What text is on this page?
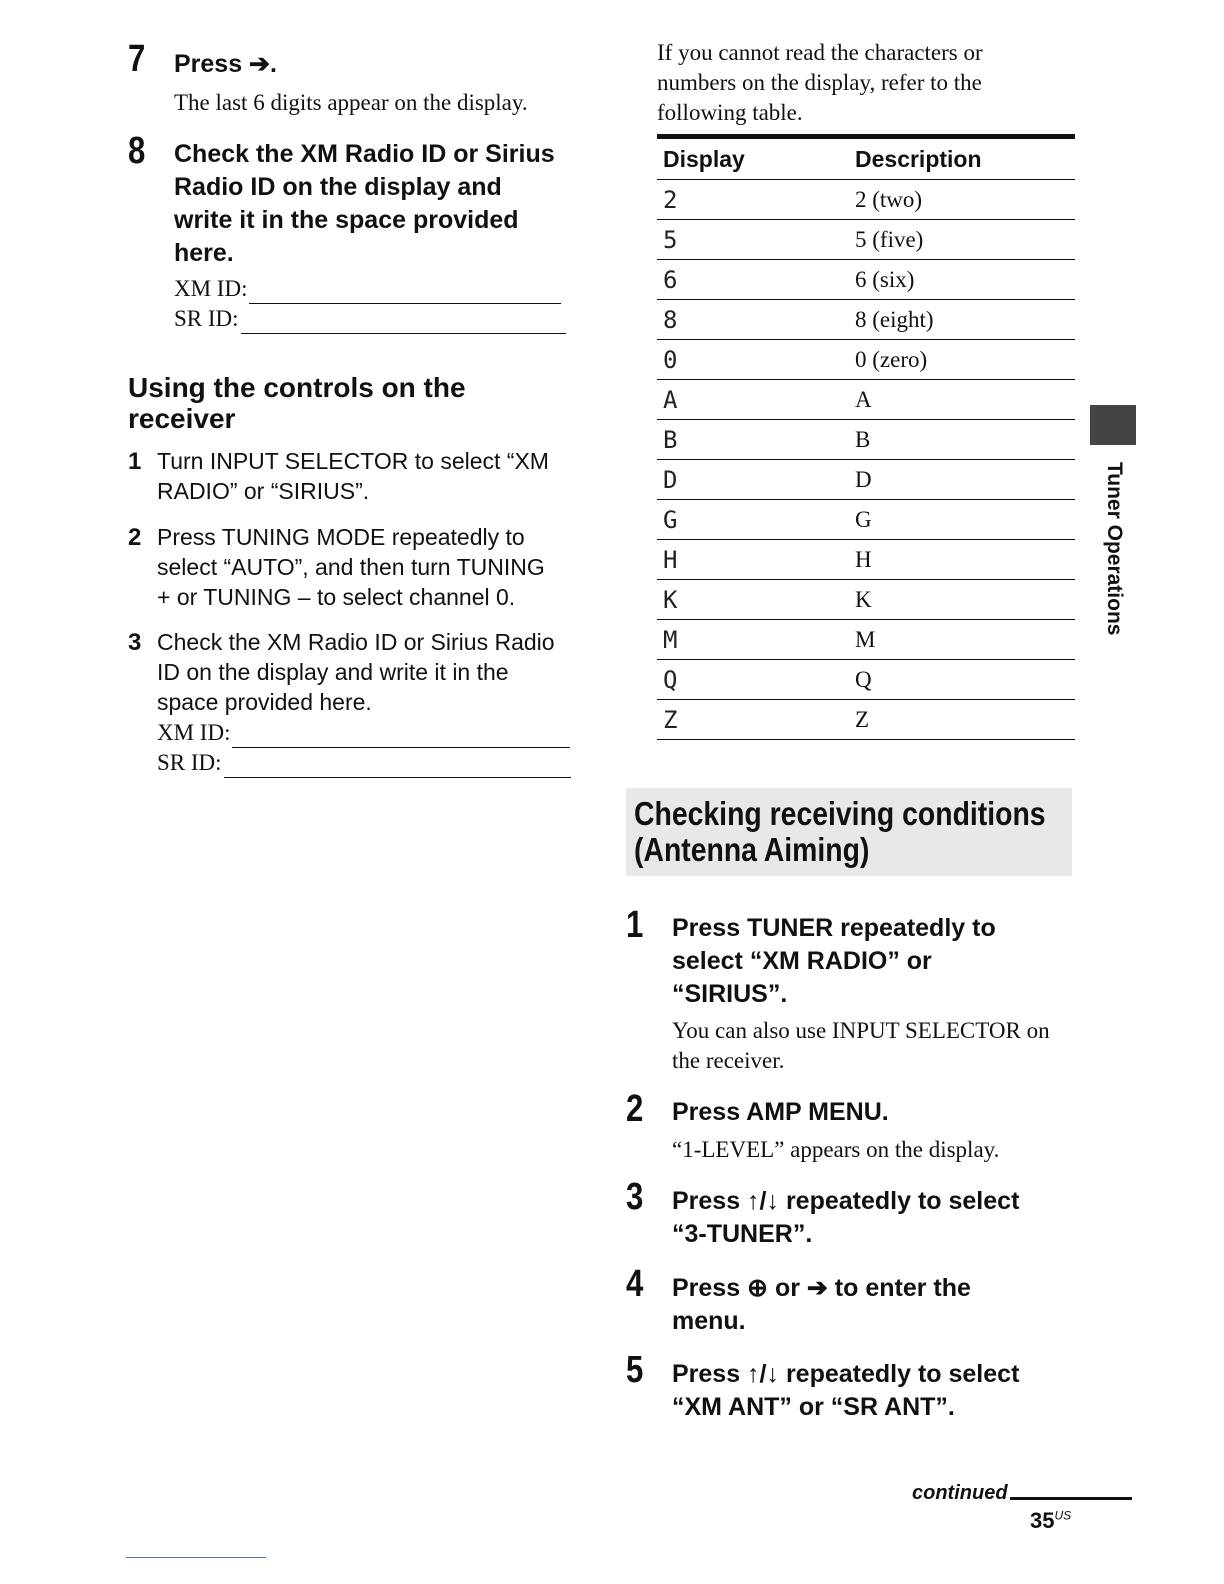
7 Press ➔.
The last 6 digits appear on the display.
8 Check the XM Radio ID or Sirius
Radio ID on the display and
write it in the space provided
here.
XM ID:
SR ID:
Using the controls on the
receiver
1 Turn INPUT SELECTOR to select “XM
RADIO” or “SIRIUS”.
2 Press TUNING MODE repeatedly to
select “AUTO”, and then turn TUNING
+ or TUNING – to select channel 0.
3 Check the XM Radio ID or Sirius Radio
ID on the display and write it in the
space provided here.
XM ID:
SR ID:
If you cannot read the characters or
numbers on the display, refer to the
following table.
Display	Description
2	2 (two)
5	5 (five)
6	6 (six)
8	8 (eight)
0	0 (zero)
A	A
B	B
D	D
G	G
H	H
K	K
M	M
Q	Q
Z	Z
Checking receiving conditions
(Antenna Aiming)
1 Press TUNER repeatedly to
select “XM RADIO” or
“SIRIUS”.
You can also use INPUT SELECTOR on
the receiver.
2 Press AMP MENU.
“1-LEVEL” appears on the display.
3 Press ↑/↓ repeatedly to select
“3-TUNER”.
4 Press ⊕ or ➔ to enter the
menu.
5 Press ↑/↓ repeatedly to select
“XM ANT” or “SR ANT”.
Tuner Operations
continued
$35^{US}$
